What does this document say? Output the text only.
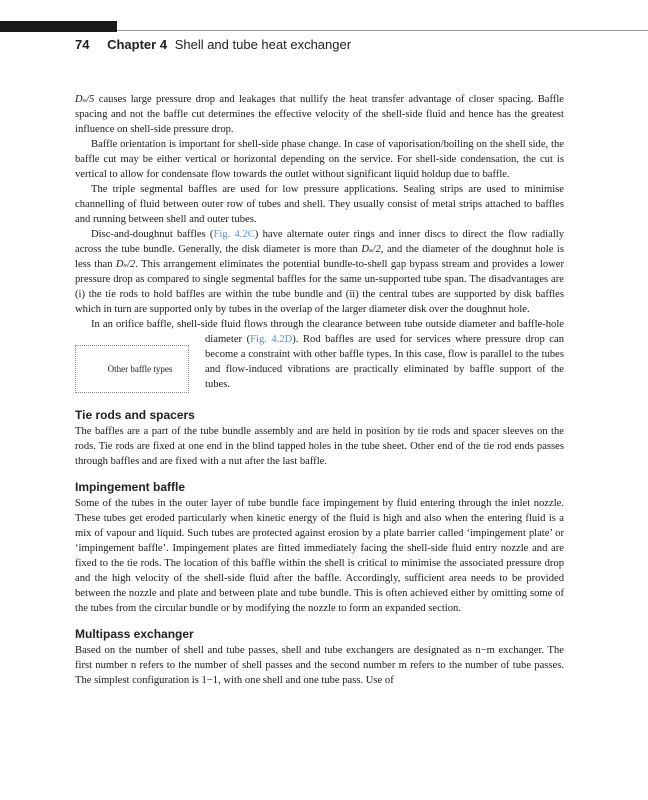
74 Chapter 4 Shell and tube heat exchanger

Dₛ/5 causes large pressure drop and leakages that nullify the heat transfer advantage of closer spacing. Baffle spacing and not the baffle cut determines the effective velocity of the shell-side fluid and hence has the greatest influence on shell-side pressure drop.

Baffle orientation is important for shell-side phase change. In case of vaporisation/boiling on the shell side, the baffle cut may be either vertical or horizontal depending on the service. For shell-side condensation, the cut is vertical to allow for condensate flow towards the outlet without significant liquid holdup due to baffle.

The triple segmental baffles are used for low pressure applications. Sealing strips are used to minimise channelling of fluid between outer row of tubes and shell. They usually consist of metal strips attached to baffles and running between shell and outer tubes.

Disc-and-doughnut baffles (Fig. 4.2C) have alternate outer rings and inner discs to direct the flow radially across the tube bundle. Generally, the disk diameter is more than Dₛ/2, and the diameter of the doughnut hole is less than Dₛ/2. This arrangement eliminates the potential bundle-to-shell gap bypass stream and provides a lower pressure drop as compared to single segmental baffles for the same un-supported tube span. The disadvantages are (i) the tie rods to hold baffles are within the tube bundle and (ii) the central tubes are supported by disk baffles which in turn are supported only by tubes in the overlap of the larger diameter disk over the doughnut hole.

In an orifice baffle, shell-side fluid flows through the clearance between tube outside diameter and baffle-hole diameter (
Other baffle types
Fig. 4.2D). Rod baffles are used for services where pressure drop can become a constraint with other baffle types. In this case, flow is parallel to the tubes and flow-induced vibrations are practically eliminated by baffle support of the tubes.

Tie rods and spacers

The baffles are a part of the tube bundle assembly and are held in position by tie rods and spacer sleeves on the rods. Tie rods are fixed at one end in the blind tapped holes in the tube sheet. Other end of the tie rod ends passes through baffles and are fixed with a nut after the last baffle.

Impingement baffle

Some of the tubes in the outer layer of tube bundle face impingement by fluid entering through the inlet nozzle. These tubes get eroded particularly when kinetic energy of the fluid is high and also when the entering fluid is a mix of vapour and liquid. Such tubes are protected against erosion by a plate barrier called ‘impingement plate’ or ‘impingement baffle’. Impingement plates are fitted immediately facing the shell-side fluid entry nozzle and are fixed to the tie rods. The location of this baffle within the shell is critical to minimise the associated pressure drop and the high velocity of the shell-side fluid after the baffle. Accordingly, sufficient area needs to be provided between the nozzle and plate and between plate and tube bundle. This is often achieved either by omitting some of the tubes from the circular bundle or by modifying the nozzle to form an expanded section.

Multipass exchanger

Based on the number of shell and tube passes, shell and tube exchangers are designated as n−m exchanger. The first number n refers to the number of shell passes and the second number m refers to the number of tube passes. The simplest configuration is 1−1, with one shell and one tube pass. Use of
